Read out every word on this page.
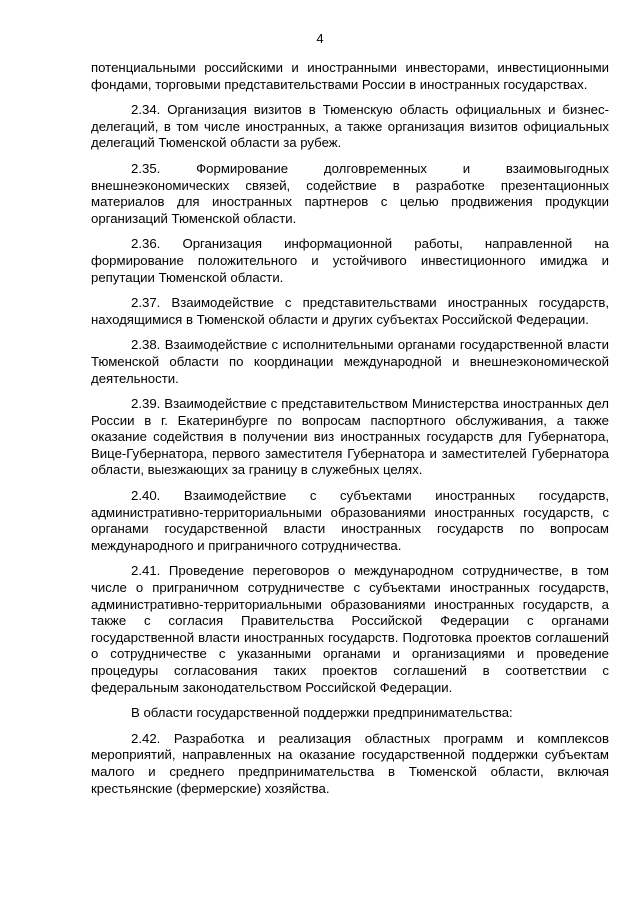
4

потенциальными российскими и иностранными инвесторами, инвестиционными фондами, торговыми представительствами России в иностранных государствах.

2.34. Организация визитов в Тюменскую область официальных и бизнес-делегаций, в том числе иностранных, а также организация визитов официальных делегаций Тюменской области за рубеж.

2.35. Формирование долговременных и взаимовыгодных внешнеэкономических связей, содействие в разработке презентационных материалов для иностранных партнеров с целью продвижения продукции организаций Тюменской области.

2.36. Организация информационной работы, направленной на формирование положительного и устойчивого инвестиционного имиджа и репутации Тюменской области.

2.37. Взаимодействие с представительствами иностранных государств, находящимися в Тюменской области и других субъектах Российской Федерации.

2.38. Взаимодействие с исполнительными органами государственной власти Тюменской области по координации международной и внешнеэкономической деятельности.

2.39. Взаимодействие с представительством Министерства иностранных дел России в г. Екатеринбурге по вопросам паспортного обслуживания, а также оказание содействия в получении виз иностранных государств для Губернатора, Вице-Губернатора, первого заместителя Губернатора и заместителей Губернатора области, выезжающих за границу в служебных целях.

2.40. Взаимодействие с субъектами иностранных государств, административно-территориальными образованиями иностранных государств, с органами государственной власти иностранных государств по вопросам международного и приграничного сотрудничества.

2.41. Проведение переговоров о международном сотрудничестве, в том числе о приграничном сотрудничестве с субъектами иностранных государств, административно-территориальными образованиями иностранных государств, а также с согласия Правительства Российской Федерации с органами государственной власти иностранных государств. Подготовка проектов соглашений о сотрудничестве с указанными органами и организациями и проведение процедуры согласования таких проектов соглашений в соответствии с федеральным законодательством Российской Федерации.

В области государственной поддержки предпринимательства:

2.42. Разработка и реализация областных программ и комплексов мероприятий, направленных на оказание государственной поддержки субъектам малого и среднего предпринимательства в Тюменской области, включая крестьянские (фермерские) хозяйства.
